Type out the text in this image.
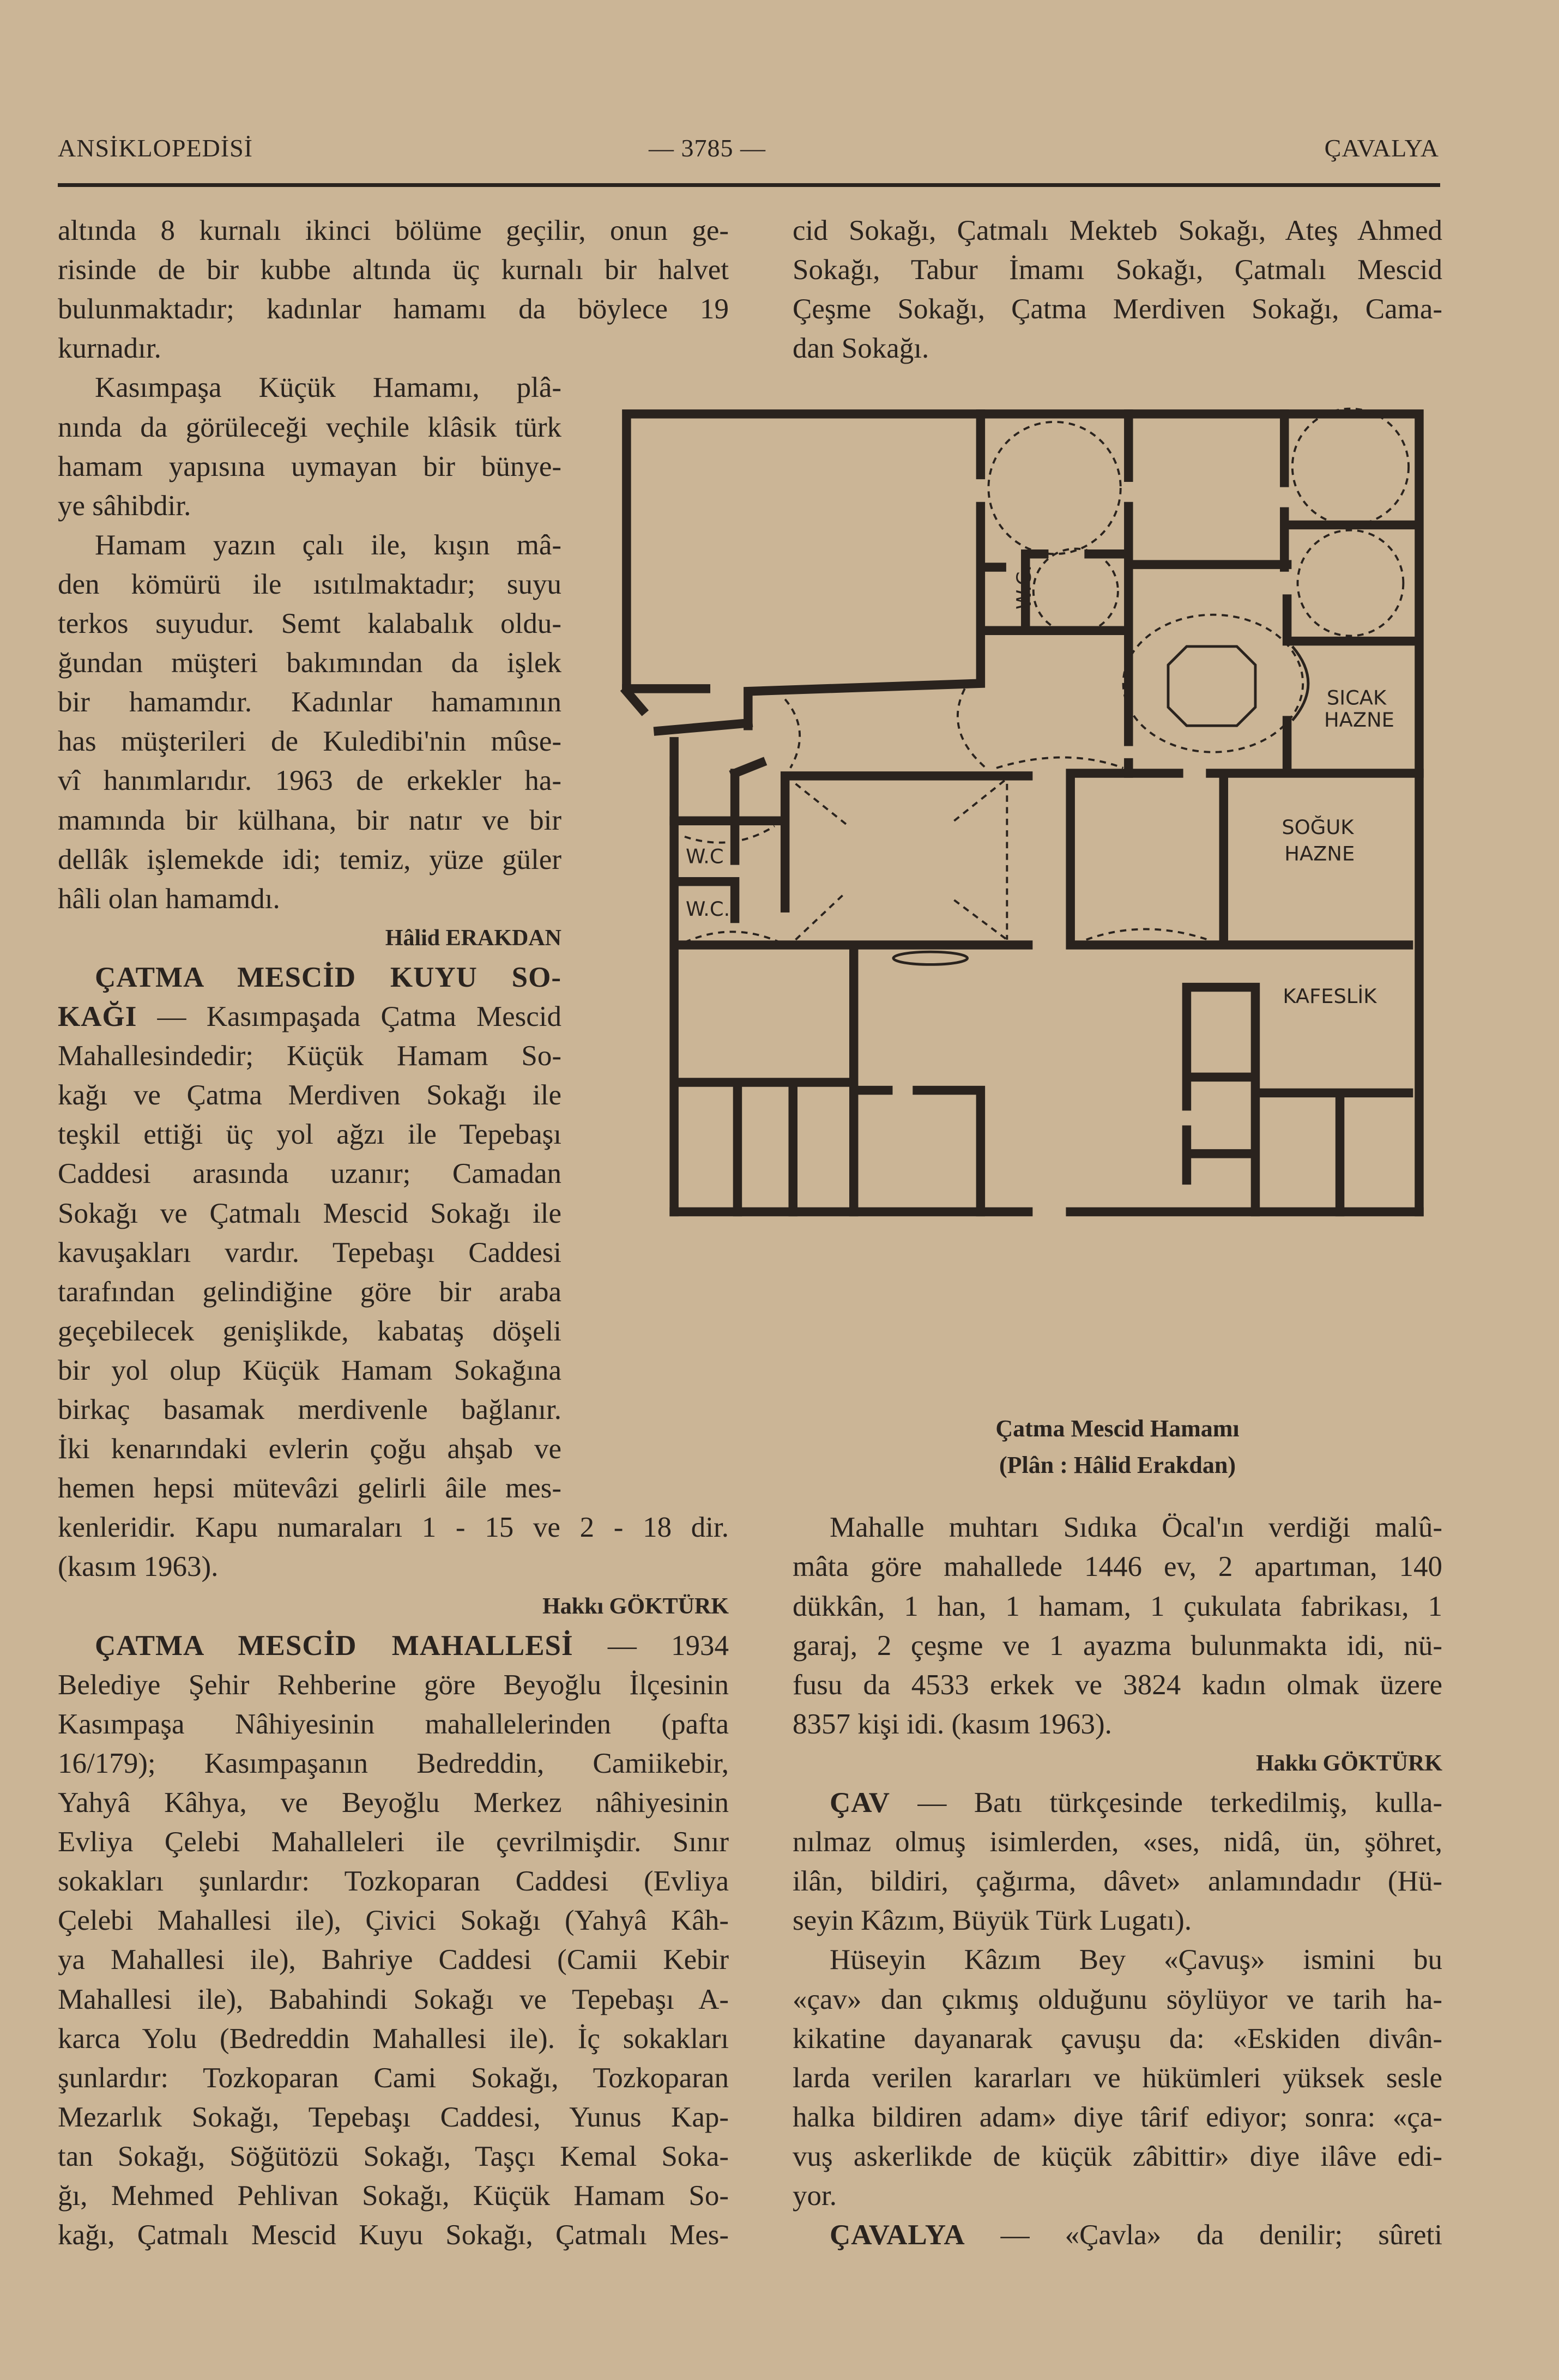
ANSİKLOPEDİSİ	— 3785 —	ÇAVALYA
altında 8 kurnalı ikinci bölüme geçilir, onun ge-
risinde de bir kubbe altında üç kurnalı bir halvet
bulunmaktadır; kadınlar hamamı da böylece 19
kurnadır.
Kasımpaşa Küçük Hamamı, plâ-
nında da görüleceği veçhile klâsik türk
hamam yapısına uymayan bir bünye-
ye sâhibdir.
Hamam yazın çalı ile, kışın mâ-
den kömürü ile ısıtılmaktadır; suyu
terkos suyudur. Semt kalabalık oldu-
ğundan müşteri bakımından da işlek
bir hamamdır. Kadınlar hamamının
has müşterileri de Kuledibi'nin mûse-
vî hanımlarıdır. 1963 de erkekler ha-
mamında bir külhana, bir natır ve bir
dellâk işlemekde idi; temiz, yüze güler
hâli olan hamamdı.
Hâlid ERAKDAN
ÇATMA MESCİD KUYU SO-
KAĞI — Kasımpaşada Çatma Mescid
Mahallesindedir; Küçük Hamam So-
kağı ve Çatma Merdiven Sokağı ile
teşkil ettiği üç yol ağzı ile Tepebaşı
Caddesi arasında uzanır; Camadan
Sokağı ve Çatmalı Mescid Sokağı ile
kavuşakları vardır. Tepebaşı Caddesi
tarafından gelindiğine göre bir araba
geçebilecek genişlikde, kabataş döşeli
bir yol olup Küçük Hamam Sokağına
birkaç basamak merdivenle bağlanır.
İki kenarındaki evlerin çoğu ahşab ve
hemen hepsi mütevâzi gelirli âile mes-
kenleridir. Kapu numaraları 1 - 15 ve 2 - 18 dir.
(kasım 1963).
Hakkı GÖKTÜRK
ÇATMA MESCİD MAHALLESİ — 1934
Belediye Şehir Rehberine göre Beyoğlu İlçesinin
Kasımpaşa Nâhiyesinin mahallelerinden (pafta
16/179); Kasımpaşanın Bedreddin, Camiikebir,
Yahyâ Kâhya, ve Beyoğlu Merkez nâhiyesinin
Evliya Çelebi Mahalleleri ile çevrilmişdir. Sınır
sokakları şunlardır: Tozkoparan Caddesi (Evliya
Çelebi Mahallesi ile), Çivici Sokağı (Yahyâ Kâh-
ya Mahallesi ile), Bahriye Caddesi (Camii Kebir
Mahallesi ile), Babahindi Sokağı ve Tepebaşı A-
karca Yolu (Bedreddin Mahallesi ile). İç sokakları
şunlardır: Tozkoparan Cami Sokağı, Tozkoparan
Mezarlık Sokağı, Tepebaşı Caddesi, Yunus Kap-
tan Sokağı, Söğütözü Sokağı, Taşçı Kemal Soka-
ğı, Mehmed Pehlivan Sokağı, Küçük Hamam So-
kağı, Çatmalı Mescid Kuyu Sokağı, Çatmalı Mes-
cid Sokağı, Çatmalı Mekteb Sokağı, Ateş Ahmed
Sokağı, Tabur İmamı Sokağı, Çatmalı Mescid
Çeşme Sokağı, Çatma Merdiven Sokağı, Cama-
dan Sokağı.
Mahalle muhtarı Sıdıka Öcal'ın verdiği malû-
mâta göre mahallede 1446 ev, 2 apartıman, 140
dükkân, 1 han, 1 hamam, 1 çukulata fabrikası, 1
garaj, 2 çeşme ve 1 ayazma bulunmakta idi, nü-
fusu da 4533 erkek ve 3824 kadın olmak üzere
8357 kişi idi. (kasım 1963).
Hakkı GÖKTÜRK
ÇAV — Batı türkçesinde terkedilmiş, kulla-
nılmaz olmuş isimlerden, «ses, nidâ, ün, şöhret,
ilân, bildiri, çağırma, dâvet» anlamındadır (Hü-
seyin Kâzım, Büyük Türk Lugatı).
Hüseyin Kâzım Bey «Çavuş» ismini bu
«çav» dan çıkmış olduğunu söylüyor ve tarih ha-
kikatine dayanarak çavuşu da: «Eskiden divân-
larda verilen kararları ve hükümleri yüksek sesle
halka bildiren adam» diye târif ediyor; sonra: «ça-
vuş askerlikde de küçük zâbittir» diye ilâve edi-
yor.
ÇAVALYA — «Çavla» da denilir; sûreti
W.C.
W.C
W.C.
SICAK
HAZNE
SOĞUK
HAZNE
KAFESLİK
Çatma Mescid Hamamı
(Plân : Hâlid Erakdan)
